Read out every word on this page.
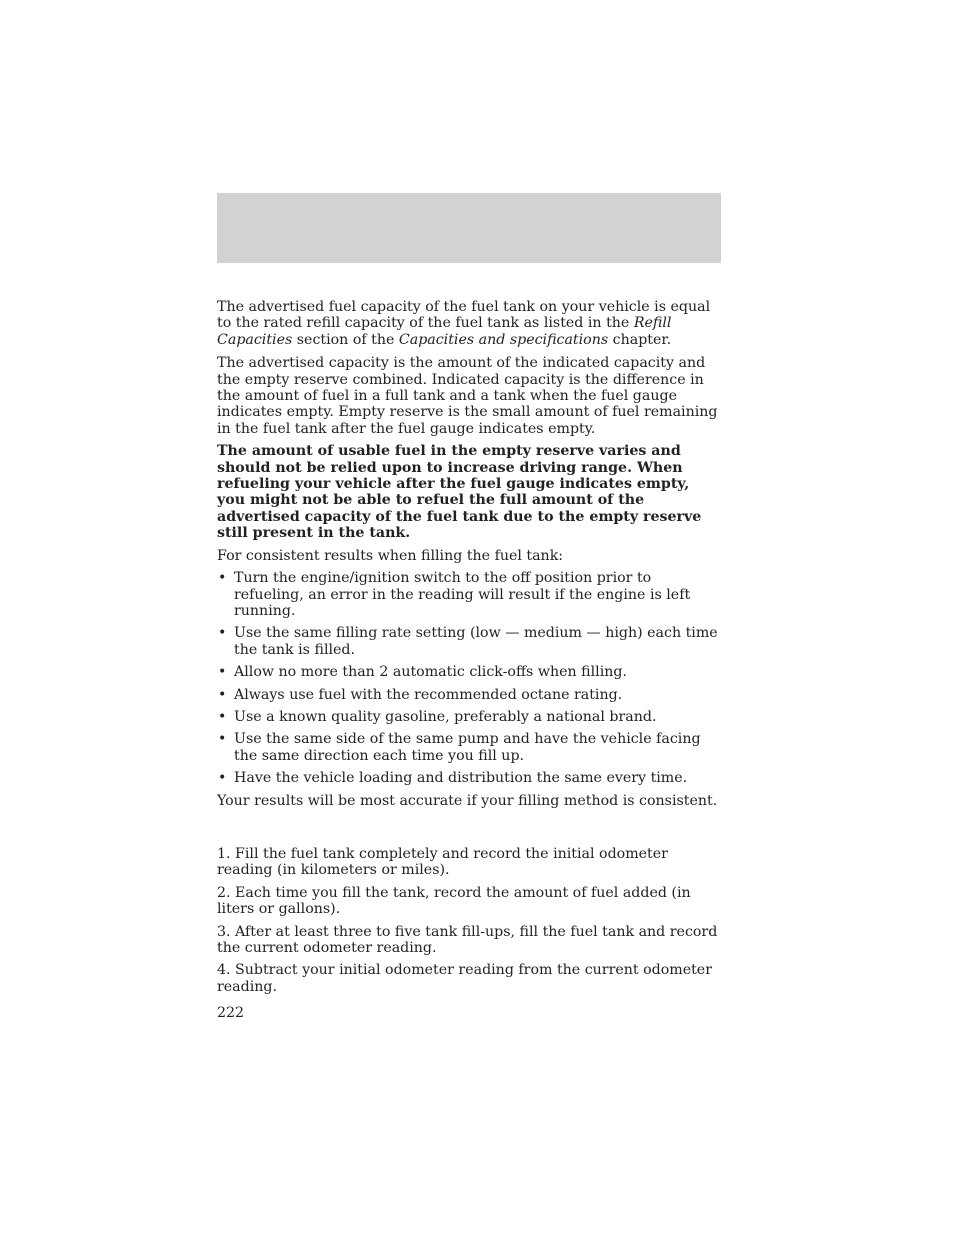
The advertised fuel capacity of the fuel tank on your vehicle is equal to the rated refill capacity of the fuel tank as listed in the Refill Capacities section of the Capacities and specifications chapter.

The advertised capacity is the amount of the indicated capacity and the empty reserve combined. Indicated capacity is the difference in the amount of fuel in a full tank and a tank when the fuel gauge indicates empty. Empty reserve is the small amount of fuel remaining in the fuel tank after the fuel gauge indicates empty.

The amount of usable fuel in the empty reserve varies and should not be relied upon to increase driving range. When refueling your vehicle after the fuel gauge indicates empty, you might not be able to refuel the full amount of the advertised capacity of the fuel tank due to the empty reserve still present in the tank.

For consistent results when filling the fuel tank:

• Turn the engine/ignition switch to the off position prior to refueling, an error in the reading will result if the engine is left running.
• Use the same filling rate setting (low — medium — high) each time the tank is filled.
• Allow no more than 2 automatic click-offs when filling.
• Always use fuel with the recommended octane rating.
• Use a known quality gasoline, preferably a national brand.
• Use the same side of the same pump and have the vehicle facing the same direction each time you fill up.
• Have the vehicle loading and distribution the same every time.

Your results will be most accurate if your filling method is consistent.

1. Fill the fuel tank completely and record the initial odometer reading (in kilometers or miles).

2. Each time you fill the tank, record the amount of fuel added (in liters or gallons).

3. After at least three to five tank fill-ups, fill the fuel tank and record the current odometer reading.

4. Subtract your initial odometer reading from the current odometer reading.

222
